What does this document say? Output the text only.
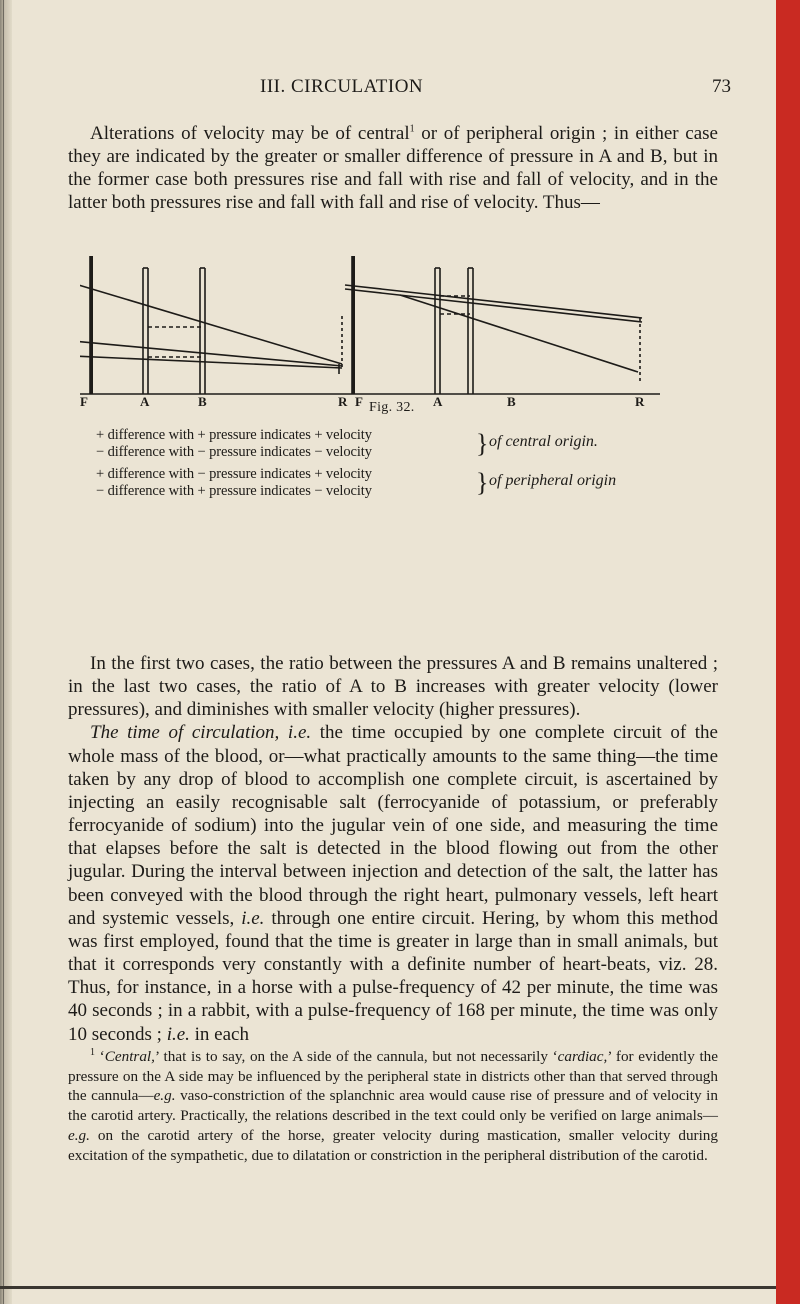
III. CIRCULATION	73
Alterations of velocity may be of central$^1$ or of peripheral origin ; in either case they are indicated by the greater or smaller difference of pressure in A and B, but in the former case both pressures rise and fall with rise and fall of velocity, and in the latter both pressures rise and fall with fall and rise of velocity. Thus—
F	A	B	R F	A	B	R
Fig. 32.
+ difference with + pressure indicates + velocity
− difference with − pressure indicates − velocity
+ difference with − pressure indicates + velocity
− difference with + pressure indicates − velocity
}
}
of central origin.
of peripheral origin
In the first two cases, the ratio between the pressures A and B remains unaltered ; in the last two cases, the ratio of A to B increases with greater velocity (lower pressures), and diminishes with smaller velocity (higher pressures).
The time of circulation, i.e. the time occupied by one complete circuit of the whole mass of the blood, or—what practically amounts to the same thing—the time taken by any drop of blood to accomplish one complete circuit, is ascertained by injecting an easily recognisable salt (ferrocyanide of potassium, or preferably ferrocyanide of sodium) into the jugular vein of one side, and measuring the time that elapses before the salt is detected in the blood flowing out from the other jugular. During the interval between injection and detection of the salt, the latter has been conveyed with the blood through the right heart, pulmonary vessels, left heart and systemic vessels, i.e. through one entire circuit. Hering, by whom this method was first employed, found that the time is greater in large than in small animals, but that it corresponds very constantly with a definite number of heart-beats, viz. 28. Thus, for instance, in a horse with a pulse-frequency of 42 per minute, the time was 40 seconds ; in a rabbit, with a pulse-frequency of 168 per minute, the time was only 10 seconds ; i.e. in each
$^1$ ‘Central,’ that is to say, on the A side of the cannula, but not necessarily ‘cardiac,’ for evidently the pressure on the A side may be influenced by the peripheral state in districts other than that served through the cannula—e.g. vaso-constriction of the splanchnic area would cause rise of pressure and of velocity in the carotid artery. Practically, the relations described in the text could only be verified on large animals—e.g. on the carotid artery of the horse, greater velocity during mastication, smaller velocity during excitation of the sympathetic, due to dilatation or constriction in the peripheral distribution of the carotid.
